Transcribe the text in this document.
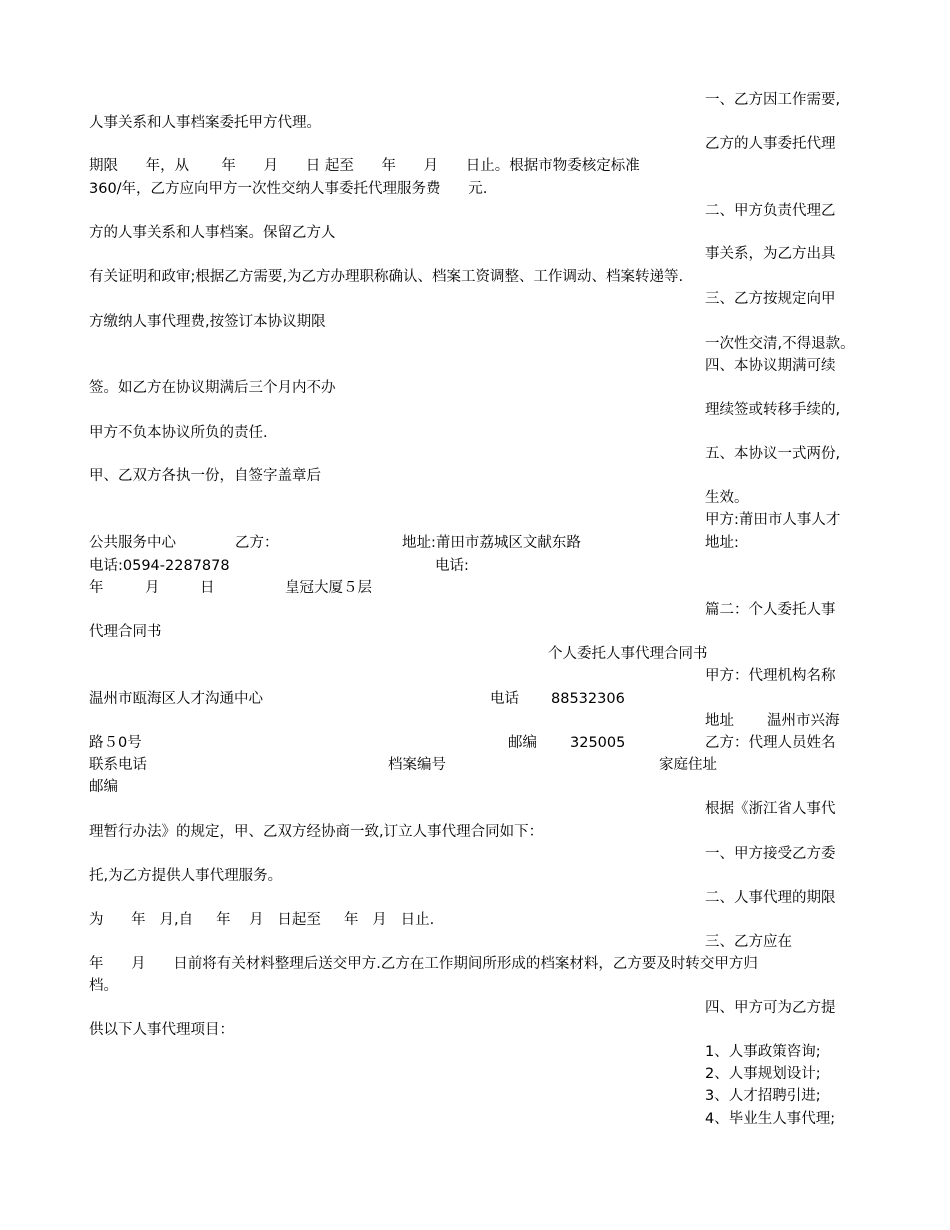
一、乙方因工作需要,
人事关系和人事档案委托甲方代理。
乙方的人事委托代理
期限      年，从       年      月      日 起至      年      月      日止。根据市物委核定标准
360/年，乙方应向甲方一次性交纳人事委托代理服务费      元.
二、甲方负责代理乙
方的人事关系和人事档案。保留乙方人
事关系，为乙方出具
有关证明和政审;根据乙方需要,为乙方办理职称确认、档案工资调整、工作调动、档案转递等.
三、乙方按规定向甲
方缴纳人事代理费,按签订本协议期限
一次性交清,不得退款。
四、本协议期满可续
签。如乙方在协议期满后三个月内不办
理续签或转移手续的,
甲方不负本协议所负的责任.
五、本协议一式两份,
甲、乙双方各执一份，自签字盖章后
生效。
甲方:莆田市人事人才
公共服务中心	乙方：	地址:莆田市荔城区文献东路	地址:
电话:0594-2287878	电话:
年	月	日	皇冠大厦５层
篇二：个人委托人事
代理合同书
个人委托人事代理合同书
甲方：代理机构名称
温州市瓯海区人才沟通中心	电话 88532306
地址 温州市兴海
路５0号	邮编 325005	乙方：代理人员姓名
联系电话	档案编号	家庭住址
邮编
根据《浙江省人事代
理暂行办法》的规定，甲、乙双方经协商一致,订立人事代理合同如下：
一、甲方接受乙方委
托,为乙方提供人事代理服务。
二、人事代理的期限
为      年   月,自     年    月   日起至     年   月   日止.
三、乙方应在
年      月      日前将有关材料整理后送交甲方.乙方在工作期间所形成的档案材料，乙方要及时转交甲方归
档。
四、甲方可为乙方提
供以下人事代理项目：
1、人事政策咨询;
2、人事规划设计;
3、人才招聘引进;
4、毕业生人事代理;
